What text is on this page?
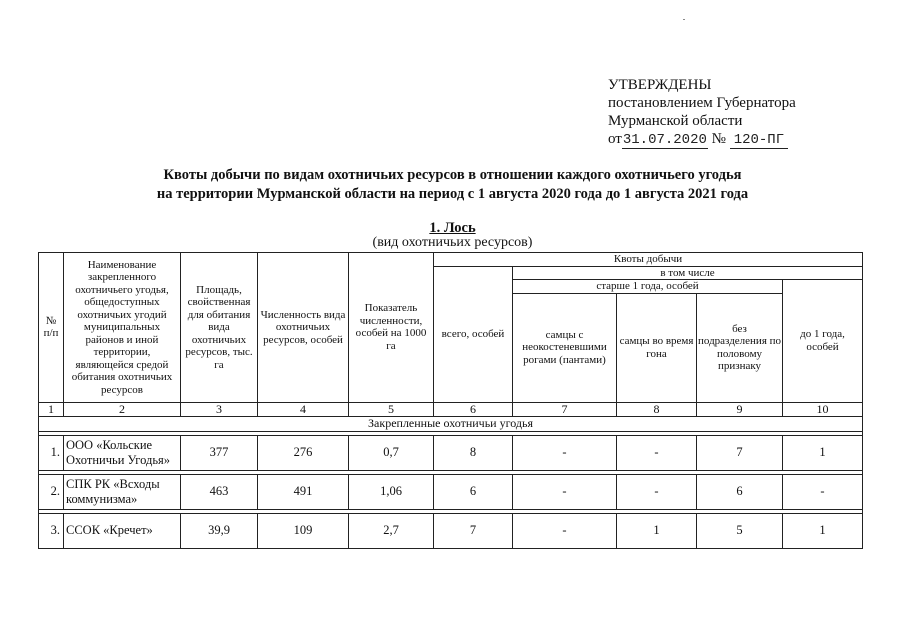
УТВЕРЖДЕНЫ
постановлением Губернатора
Мурманской области
от31.07.2020 № 120-ПГ
Квоты добычи по видам охотничьих ресурсов в отношении каждого охотничьего угодья
на территории Мурманской области на период с 1 августа 2020 года до 1 августа 2021 года
1. Лось
(вид охотничьих ресурсов)
№ п/п	Наименование закрепленного охотничьего угодья, общедоступных охотничьих угодий муниципальных районов и иной территории, являющейся средой обитания охотничьих ресурсов	Площадь, свойственная для обитания вида охотничьих ресурсов, тыс. га	Численность вида охотничьих ресурсов, особей	Показатель численности, особей на 1000 га	Квоты добычи				
					всего, особей	в том числе			
						старше 1 года, особей			до 1 года, особей
						самцы с неокостеневшими рогами (пантами)	самцы во время гона	без подразделения по половому признаку	
1	2	3	4	5	6	7	8	9	10
Закрепленные охотничьи угодья									

1.	ООО «Кольские Охотничьи Угодья»	377	276	0,7	8	-	-	7	1

2.	СПК РК «Всходы коммунизма»	463	491	1,06	6	-	-	6	-

3.	ССОК «Кречет»	39,9	109	2,7	7	-	1	5	1
